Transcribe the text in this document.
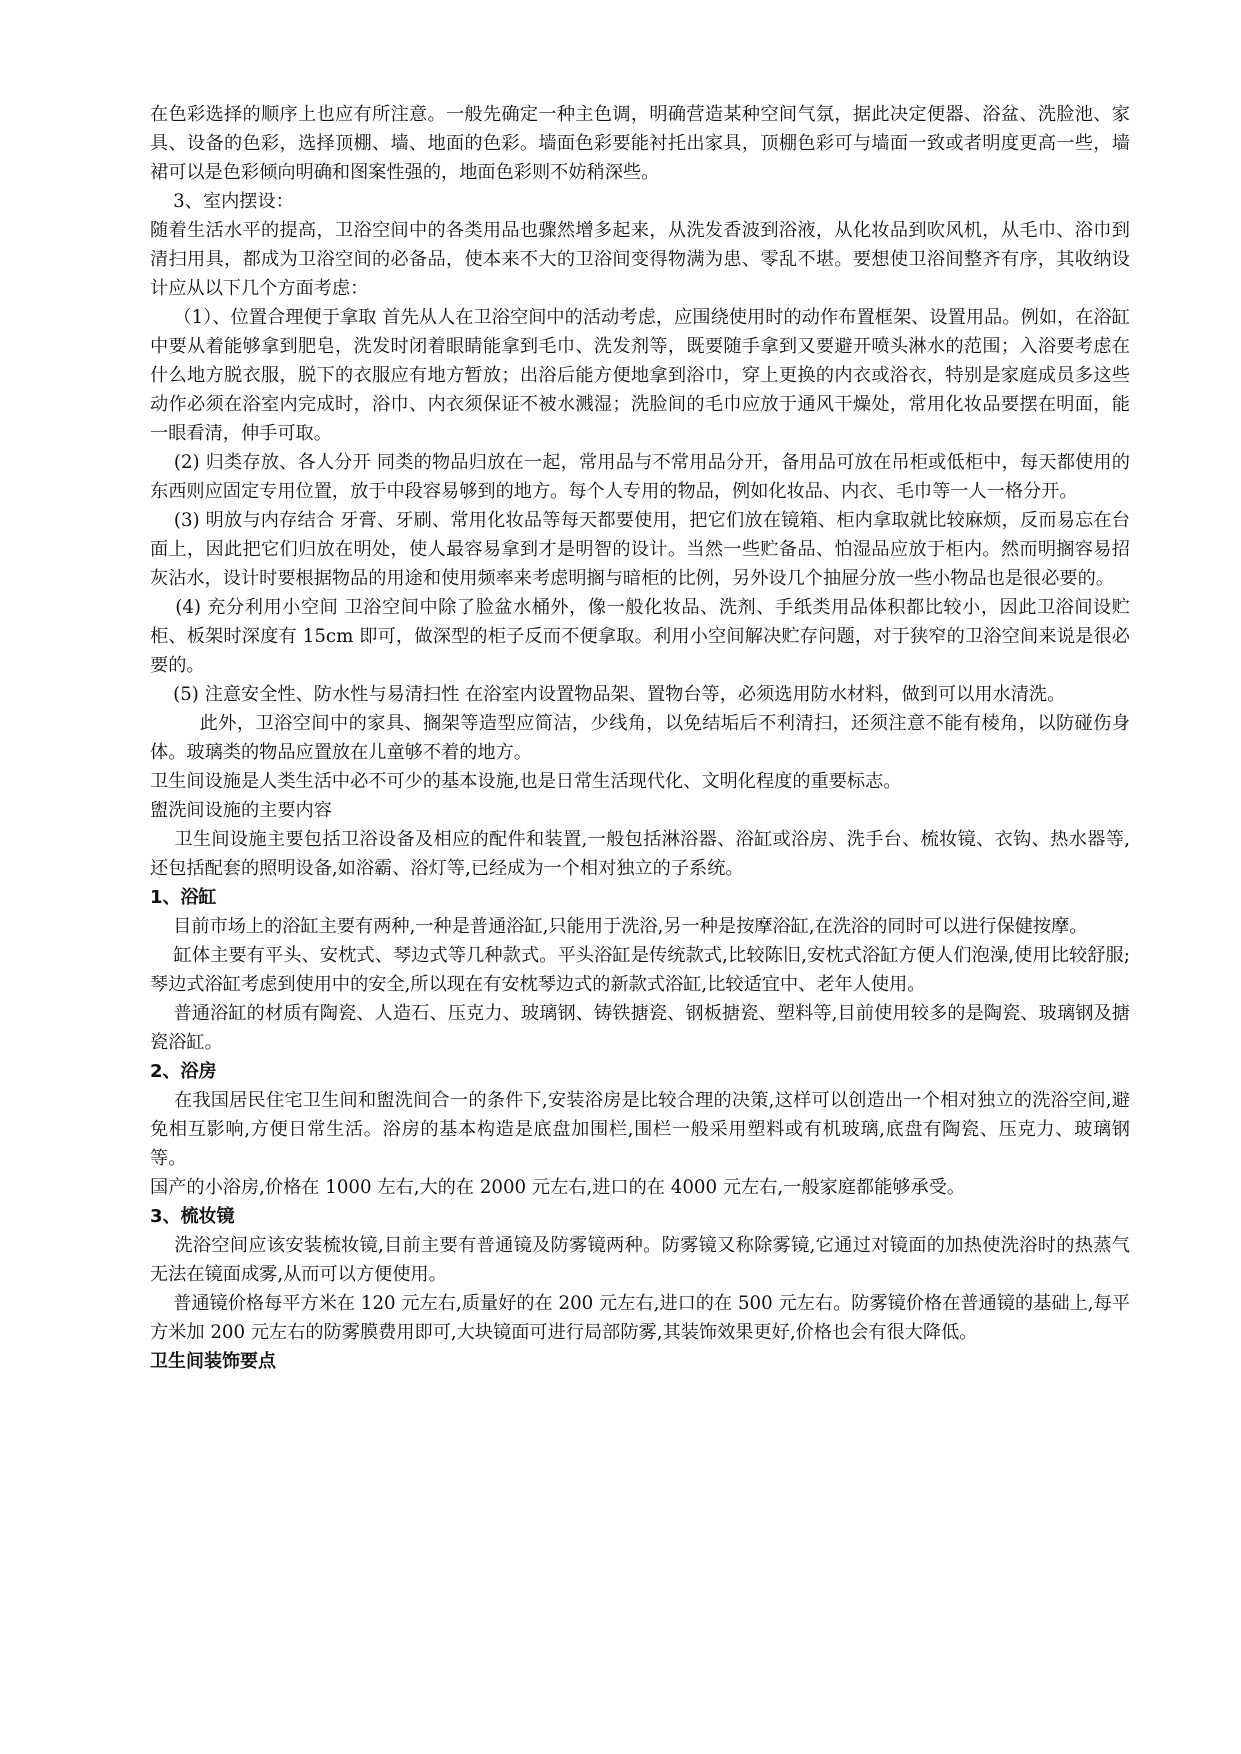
在色彩选择的顺序上也应有所注意。一般先确定一种主色调，明确营造某种空间气氛，据此决定便器、浴盆、洗脸池、家具、设备的色彩，选择顶棚、墙、地面的色彩。墙面色彩要能衬托出家具，顶棚色彩可与墙面一致或者明度更高一些，墙裙可以是色彩倾向明确和图案性强的，地面色彩则不妨稍深些。

3、室内摆设：

随着生活水平的提高，卫浴空间中的各类用品也骤然增多起来，从洗发香波到浴液，从化妆品到吹风机，从毛巾、浴巾到清扫用具，都成为卫浴空间的必备品，使本来不大的卫浴间变得物满为患、零乱不堪。要想使卫浴间整齐有序，其收纳设计应从以下几个方面考虑：

（1）、位置合理便于拿取 首先从人在卫浴空间中的活动考虑，应围绕使用时的动作布置框架、设置用品。例如，在浴缸中要从着能够拿到肥皂，洗发时闭着眼睛能拿到毛巾、洗发剂等，既要随手拿到又要避开喷头淋水的范围；入浴要考虑在什么地方脱衣服，脱下的衣服应有地方暂放；出浴后能方便地拿到浴巾，穿上更换的内衣或浴衣，特别是家庭成员多这些动作必须在浴室内完成时，浴巾、内衣须保证不被水溅湿；洗脸间的毛巾应放于通风干燥处，常用化妆品要摆在明面，能一眼看清，伸手可取。

(2) 归类存放、各人分开 同类的物品归放在一起，常用品与不常用品分开，备用品可放在吊柜或低柜中，每天都使用的东西则应固定专用位置，放于中段容易够到的地方。每个人专用的物品，例如化妆品、内衣、毛巾等一人一格分开。

(3) 明放与内存结合 牙膏、牙刷、常用化妆品等每天都要使用，把它们放在镜箱、柜内拿取就比较麻烦，反而易忘在台面上，因此把它们归放在明处，使人最容易拿到才是明智的设计。当然一些贮备品、怕湿品应放于柜内。然而明搁容易招灰沾水，设计时要根据物品的用途和使用频率来考虑明搁与暗柜的比例，另外设几个抽屉分放一些小物品也是很必要的。

(4) 充分利用小空间 卫浴空间中除了脸盆水桶外，像一般化妆品、洗剂、手纸类用品体积都比较小，因此卫浴间设贮柜、板架时深度有 15cm 即可，做深型的柜子反而不便拿取。利用小空间解决贮存问题，对于狭窄的卫浴空间来说是很必要的。

(5) 注意安全性、防水性与易清扫性 在浴室内设置物品架、置物台等，必须选用防水材料，做到可以用水清洗。

此外，卫浴空间中的家具、搁架等造型应简洁，少线角，以免结垢后不利清扫，还须注意不能有棱角，以防碰伤身体。玻璃类的物品应置放在儿童够不着的地方。

卫生间设施是人类生活中必不可少的基本设施,也是日常生活现代化、文明化程度的重要标志。

盥洗间设施的主要内容

卫生间设施主要包括卫浴设备及相应的配件和装置,一般包括淋浴器、浴缸或浴房、洗手台、梳妆镜、衣钩、热水器等,还包括配套的照明设备,如浴霸、浴灯等,已经成为一个相对独立的子系统。

1、浴缸

目前市场上的浴缸主要有两种,一种是普通浴缸,只能用于洗浴,另一种是按摩浴缸,在洗浴的同时可以进行保健按摩。

缸体主要有平头、安枕式、琴边式等几种款式。平头浴缸是传统款式,比较陈旧,安枕式浴缸方便人们泡澡,使用比较舒服;琴边式浴缸考虑到使用中的安全,所以现在有安枕琴边式的新款式浴缸,比较适宜中、老年人使用。

普通浴缸的材质有陶瓷、人造石、压克力、玻璃钢、铸铁搪瓷、钢板搪瓷、塑料等,目前使用较多的是陶瓷、玻璃钢及搪瓷浴缸。

2、浴房

在我国居民住宅卫生间和盥洗间合一的条件下,安装浴房是比较合理的决策,这样可以创造出一个相对独立的洗浴空间,避免相互影响,方便日常生活。浴房的基本构造是底盘加围栏,围栏一般采用塑料或有机玻璃,底盘有陶瓷、压克力、玻璃钢等。

国产的小浴房,价格在 1000 左右,大的在 2000 元左右,进口的在 4000 元左右,一般家庭都能够承受。

3、梳妆镜

洗浴空间应该安装梳妆镜,目前主要有普通镜及防雾镜两种。防雾镜又称除雾镜,它通过对镜面的加热使洗浴时的热蒸气无法在镜面成雾,从而可以方便使用。

普通镜价格每平方米在 120 元左右,质量好的在 200 元左右,进口的在 500 元左右。防雾镜价格在普通镜的基础上,每平方米加 200 元左右的防雾膜费用即可,大块镜面可进行局部防雾,其装饰效果更好,价格也会有很大降低。

卫生间装饰要点
